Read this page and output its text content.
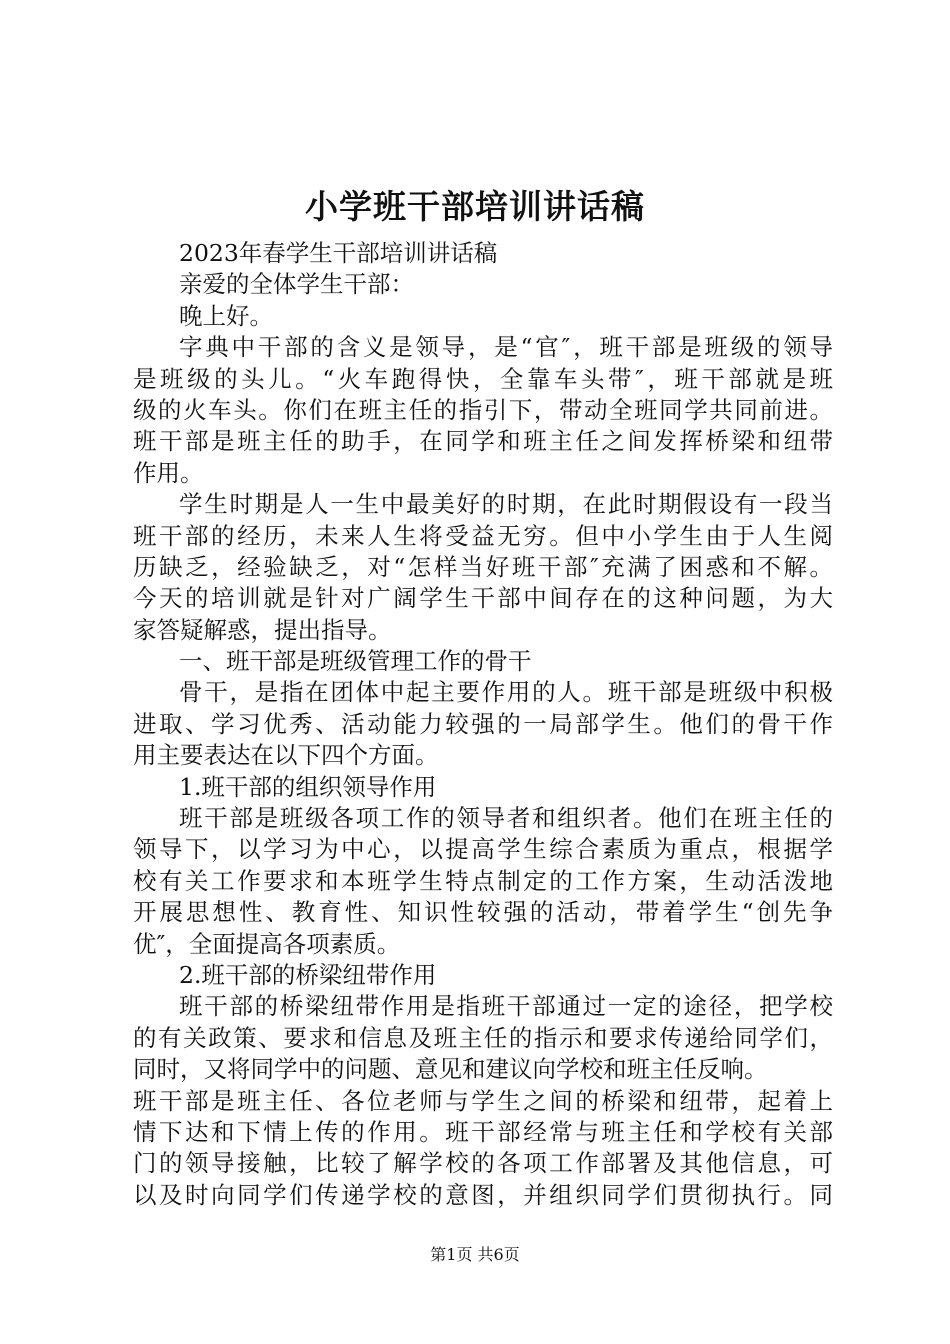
小学班干部培训讲话稿
2023年春学生干部培训讲话稿
亲爱的全体学生干部：
晚上好。
字典中干部的含义是领导，是“官″，班干部是班级的领导
是班级的头儿。“火车跑得快，全靠车头带″，班干部就是班
级的火车头。你们在班主任的指引下，带动全班同学共同前进。
班干部是班主任的助手，在同学和班主任之间发挥桥梁和纽带
作用。
学生时期是人一生中最美好的时期，在此时期假设有一段当
班干部的经历，未来人生将受益无穷。但中小学生由于人生阅
历缺乏，经验缺乏，对“怎样当好班干部″充满了困惑和不解。
今天的培训就是针对广阔学生干部中间存在的这种问题，为大
家答疑解惑，提出指导。
一、班干部是班级管理工作的骨干
骨干，是指在团体中起主要作用的人。班干部是班级中积极
进取、学习优秀、活动能力较强的一局部学生。他们的骨干作
用主要表达在以下四个方面。
1.班干部的组织领导作用
班干部是班级各项工作的领导者和组织者。他们在班主任的
领导下，以学习为中心，以提高学生综合素质为重点，根据学
校有关工作要求和本班学生特点制定的工作方案，生动活泼地
开展思想性、教育性、知识性较强的活动，带着学生“创先争
优″，全面提高各项素质。
2.班干部的桥梁纽带作用
班干部的桥梁纽带作用是指班干部通过一定的途径，把学校
的有关政策、要求和信息及班主任的指示和要求传递给同学们，
同时，又将同学中的问题、意见和建议向学校和班主任反响。
班干部是班主任、各位老师与学生之间的桥梁和纽带，起着上
情下达和下情上传的作用。班干部经常与班主任和学校有关部
门的领导接触，比较了解学校的各项工作部署及其他信息，可
以及时向同学们传递学校的意图，并组织同学们贯彻执行。同
第1页 共6页
